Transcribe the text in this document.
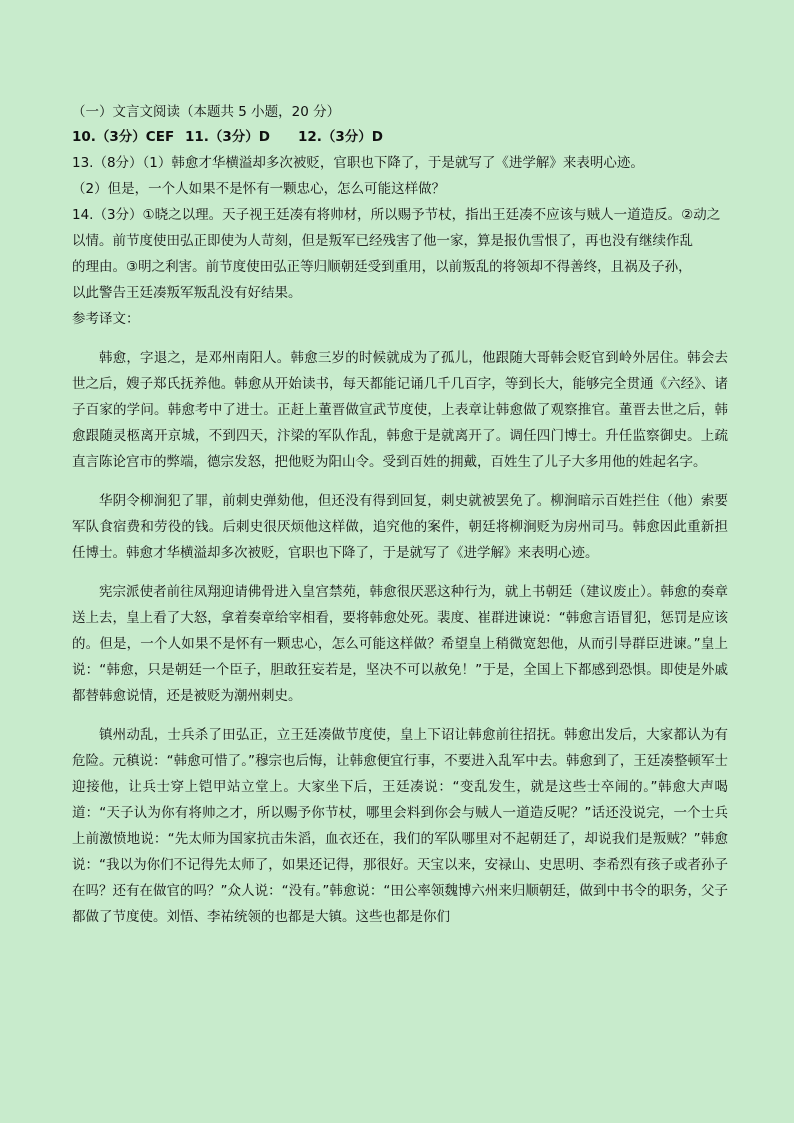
（一）文言文阅读（本题共 5 小题，20 分）
10.（3分）CEF 11.（3分）D 12.（3分）D
13.（8分）（1）韩愈才华横溢却多次被贬，官职也下降了，于是就写了《进学解》来表明心迹。
（2）但是，一个人如果不是怀有一颗忠心，怎么可能这样做？
14.（3分）①晓之以理。天子视王廷凑有将帅材，所以赐予节杖，指出王廷凑不应该与贼人一道造反。②动之
以情。前节度使田弘正即使为人苛刻，但是叛军已经残害了他一家，算是报仇雪恨了，再也没有继续作乱
的理由。③明之利害。前节度使田弘正等归顺朝廷受到重用，以前叛乱的将领却不得善终，且祸及子孙，
以此警告王廷凑叛军叛乱没有好结果。
参考译文：

韩愈，字退之，是邓州南阳人。韩愈三岁的时候就成为了孤儿，他跟随大哥韩会贬官到岭外居住。韩会去世之后，嫂子郑氏抚养他。韩愈从开始读书，每天都能记诵几千几百字，等到长大，能够完全贯通《六经》、诸子百家的学问。韩愈考中了进士。正赶上董晋做宣武节度使，上表章让韩愈做了观察推官。董晋去世之后，韩愈跟随灵柩离开京城，不到四天，汴梁的军队作乱，韩愈于是就离开了。调任四门博士。升任监察御史。上疏直言陈论宫市的弊端，德宗发怒，把他贬为阳山令。受到百姓的拥戴，百姓生了儿子大多用他的姓起名字。

华阴令柳涧犯了罪，前刺史弹劾他，但还没有得到回复，刺史就被罢免了。柳涧暗示百姓拦住（他）索要军队食宿费和劳役的钱。后刺史很厌烦他这样做，追究他的案件，朝廷将柳涧贬为房州司马。韩愈因此重新担任博士。韩愈才华横溢却多次被贬，官职也下降了，于是就写了《进学解》来表明心迹。

宪宗派使者前往凤翔迎请佛骨进入皇宫禁苑，韩愈很厌恶这种行为，就上书朝廷（建议废止）。韩愈的奏章送上去，皇上看了大怒，拿着奏章给宰相看，要将韩愈处死。裴度、崔群进谏说：“韩愈言语冒犯，惩罚是应该的。但是，一个人如果不是怀有一颗忠心，怎么可能这样做？希望皇上稍微宽恕他，从而引导群臣进谏。”皇上说：“韩愈，只是朝廷一个臣子，胆敢狂妄若是，坚决不可以赦免！”于是，全国上下都感到恐惧。即使是外戚都替韩愈说情，还是被贬为潮州刺史。

镇州动乱，士兵杀了田弘正，立王廷凑做节度使，皇上下诏让韩愈前往招抚。韩愈出发后，大家都认为有危险。元稹说：“韩愈可惜了。”穆宗也后悔，让韩愈便宜行事，不要进入乱军中去。韩愈到了，王廷凑整顿军士迎接他，让兵士穿上铠甲站立堂上。大家坐下后，王廷凑说：“变乱发生，就是这些士卒闹的。”韩愈大声喝道：“天子认为你有将帅之才，所以赐予你节杖，哪里会料到你会与贼人一道造反呢？”话还没说完，一个士兵上前激愤地说：“先太师为国家抗击朱滔，血衣还在，我们的军队哪里对不起朝廷了，却说我们是叛贼？”韩愈说：“我以为你们不记得先太师了，如果还记得，那很好。天宝以来，安禄山、史思明、李希烈有孩子或者孙子在吗？还有在做官的吗？”众人说：“没有。”韩愈说：“田公率领魏博六州来归顺朝廷，做到中书令的职务，父子都做了节度使。刘悟、李祐统领的也都是大镇。这些也都是你们
